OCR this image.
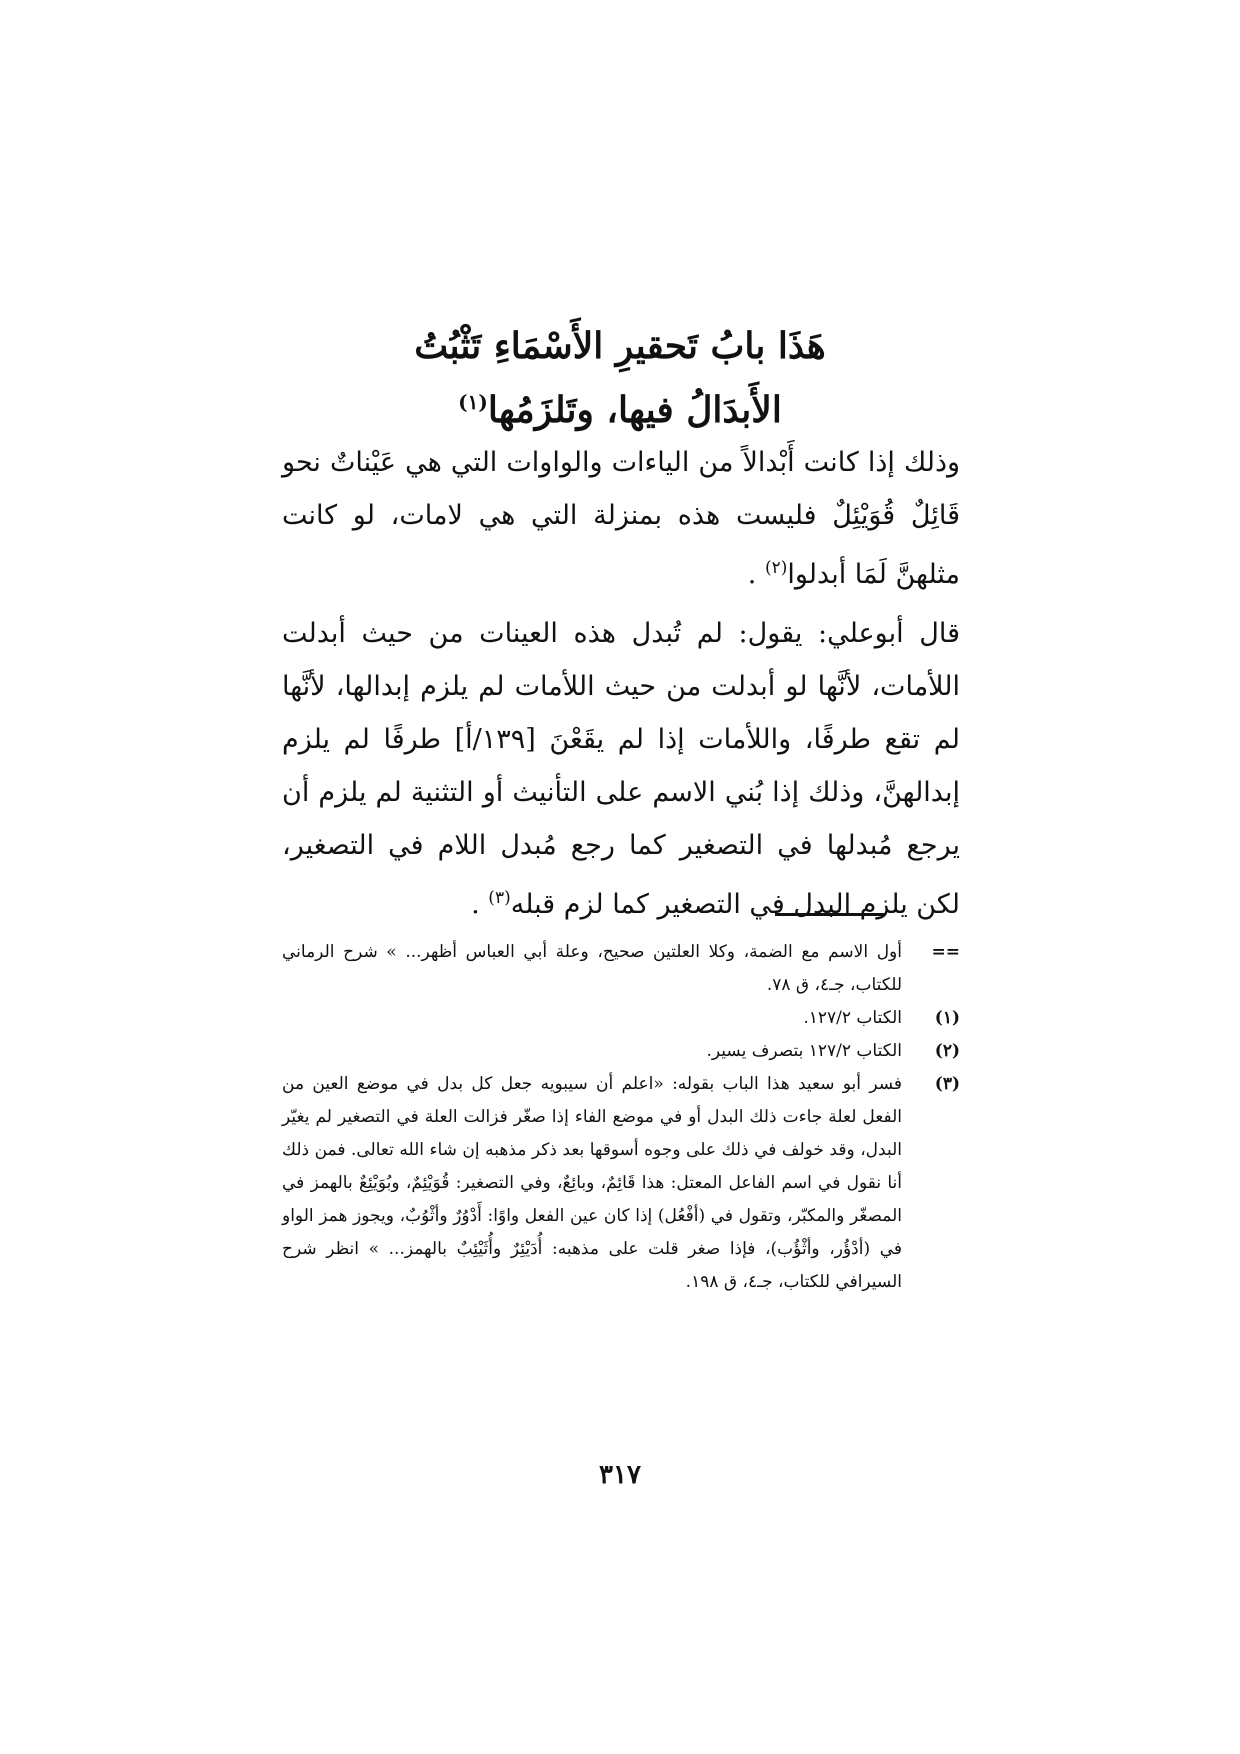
هَذَا بابُ تَحقيرِ الأَسْمَاءِ تَثْبُتُ
الأَبدَالُ فيها، وتَلزَمُها$^{(١)}$

وذلك إذا كانت أَبْدالاً من الياءات والواوات التي هي عَيْناتٌ نحو قَائِلٌ قُوَيْئِلٌ فليست هذه بمنزلة التي هي لامات، لو كانت مثلهنَّ لَمَا أبدلوا$^{(٢)}$ .

قال أبوعلي: يقول: لم تُبدل هذه العينات من حيث أبدلت اللأمات، لأنَّها لو أبدلت من حيث اللأمات لم يلزم إبدالها، لأنَّها لم تقع طرفًا، واللأمات إذا لم يقَعْنَ [١٣٩/أ] طرفًا لم يلزم إبدالهنَّ، وذلك إذا بُني الاسم على التأنيث أو التثنية لم يلزم أن يرجع مُبدلها في التصغير كما رجع مُبدل اللام في التصغير، لكن يلزم البدل في التصغير كما لزم قبله$^{(٣)}$ .

==
أول الاسم مع الضمة، وكلا العلتين صحيح، وعلة أبي العباس أظهر... » شرح الرماني للكتاب، جـ٤، ق ٧٨.
(١)
الكتاب ١٢٧/٢.
(٢)
الكتاب ١٢٧/٢ بتصرف يسير.
(٣)
فسر أبو سعيد هذا الباب بقوله: «اعلم أن سيبويه جعل كل بدل في موضع العين من الفعل لعلة جاءت ذلك البدل أو في موضع الفاء إذا صغّر فزالت العلة في التصغير لم يغيّر البدل، وقد خولف في ذلك على وجوه أسوقها بعد ذكر مذهبه إن شاء الله تعالى. فمن ذلك أنا نقول في اسم الفاعل المعتل: هذا قَائِمٌ، وبائِعٌ، وفي التصغير: قُوَيْئِمٌ، وبُوَيْئِعٌ بالهمز في المصغّر والمكبّر، وتقول في (أفْعُل) إذا كان عين الفعل واوًا: أَدْوُرٌ وأثْوُبٌ، ويجوز همز الواو في (أدْؤُر، وأثْؤُب)، فإذا صغر قلت على مذهبه: أُدَيْئِرٌ وأُثَيْئِبٌ بالهمز... » انظر شرح السيرافي للكتاب، جـ٤، ق ١٩٨.
٣١٧
